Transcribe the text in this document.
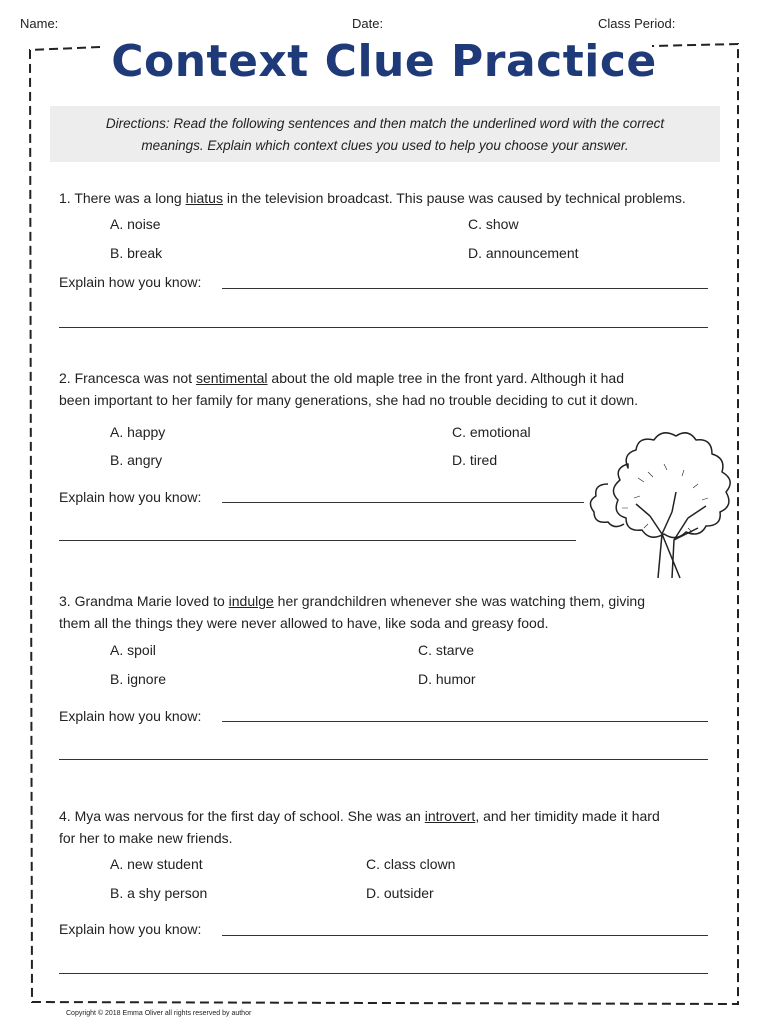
Name:	Date:	Class Period:
Context Clue Practice
Directions: Read the following sentences and then match the underlined word with the correct
meanings. Explain which context clues you used to help you choose your answer.
1. There was a long hiatus in the television broadcast. This pause was caused by technical problems.
A. noise
B. break
C. show
D. announcement
Explain how you know:
2. Francesca was not sentimental about the old maple tree in the front yard. Although it had
been important to her family for many generations, she had no trouble deciding to cut it down.
A. happy
B. angry
C. emotional
D. tired
Explain how you know:
3. Grandma Marie loved to indulge her grandchildren whenever she was watching them, giving
them all the things they were never allowed to have, like soda and greasy food.
A. spoil
B. ignore
C. starve
D. humor
Explain how you know:
4. Mya was nervous for the first day of school. She was an introvert, and her timidity made it hard
for her to make new friends.
A. new student
B. a shy person
C. class clown
D. outsider
Explain how you know:
Copyright © 2018 Emma Oliver all rights reserved by author
